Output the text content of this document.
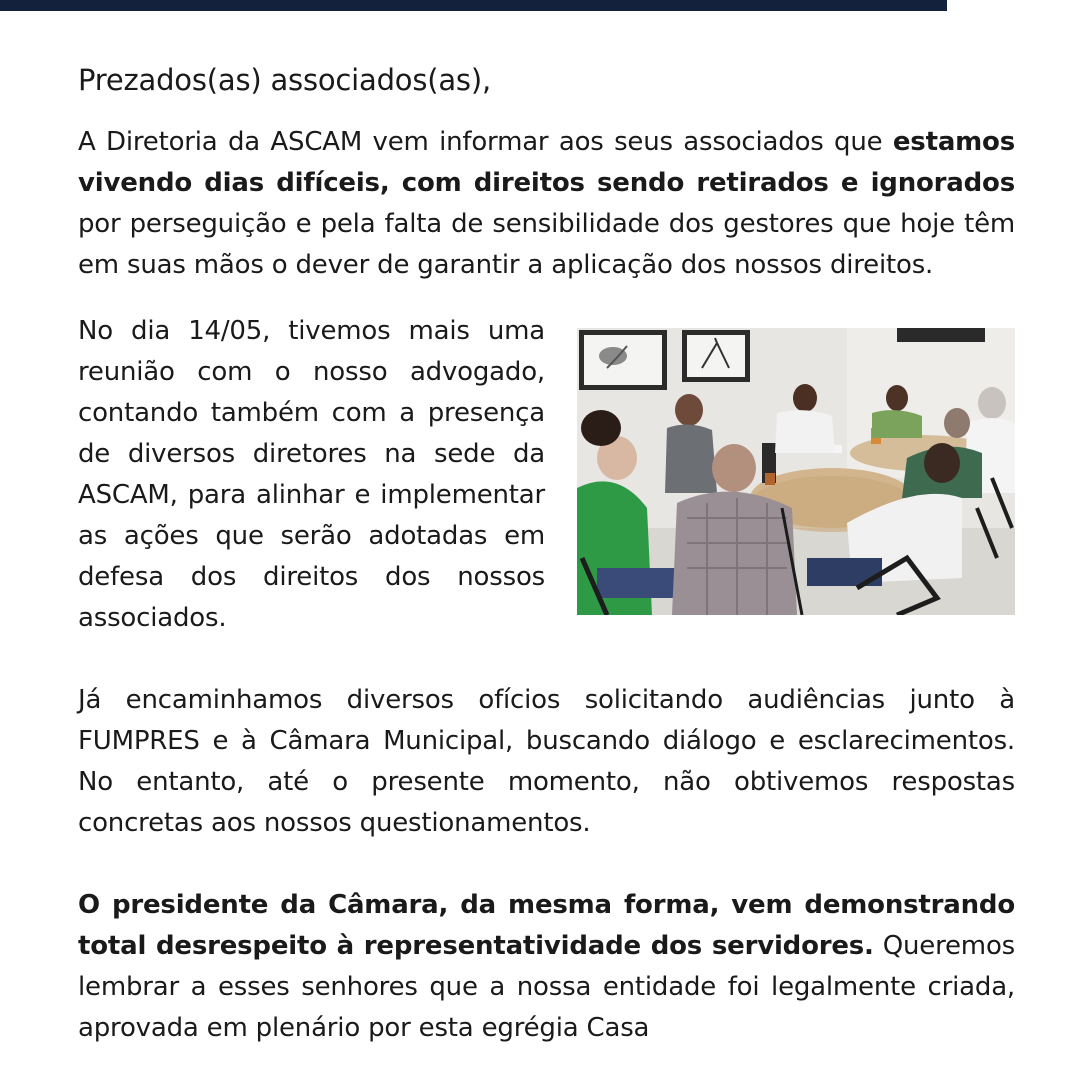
Prezados(as) associados(as),

A Diretoria da ASCAM vem informar aos seus associados que estamos vivendo dias difíceis, com direitos sendo retirados e ignorados por perseguição e pela falta de sensibilidade dos gestores que hoje têm em suas mãos o dever de garantir a aplicação dos nossos direitos.

No dia 14/05, tivemos mais uma reunião com o nosso advogado, contando também com a presença de diversos diretores na sede da ASCAM, para alinhar e implementar as ações que serão adotadas em defesa dos direitos dos nossos associados.

Já encaminhamos diversos ofícios solicitando audiências junto à FUMPRES e à Câmara Municipal, buscando diálogo e esclarecimentos. No entanto, até o presente momento, não obtivemos respostas concretas aos nossos questionamentos.

O presidente da Câmara, da mesma forma, vem demonstrando total desrespeito à representatividade dos servidores. Queremos lembrar a esses senhores que a nossa entidade foi legalmente criada, aprovada em plenário por esta egrégia Casa
